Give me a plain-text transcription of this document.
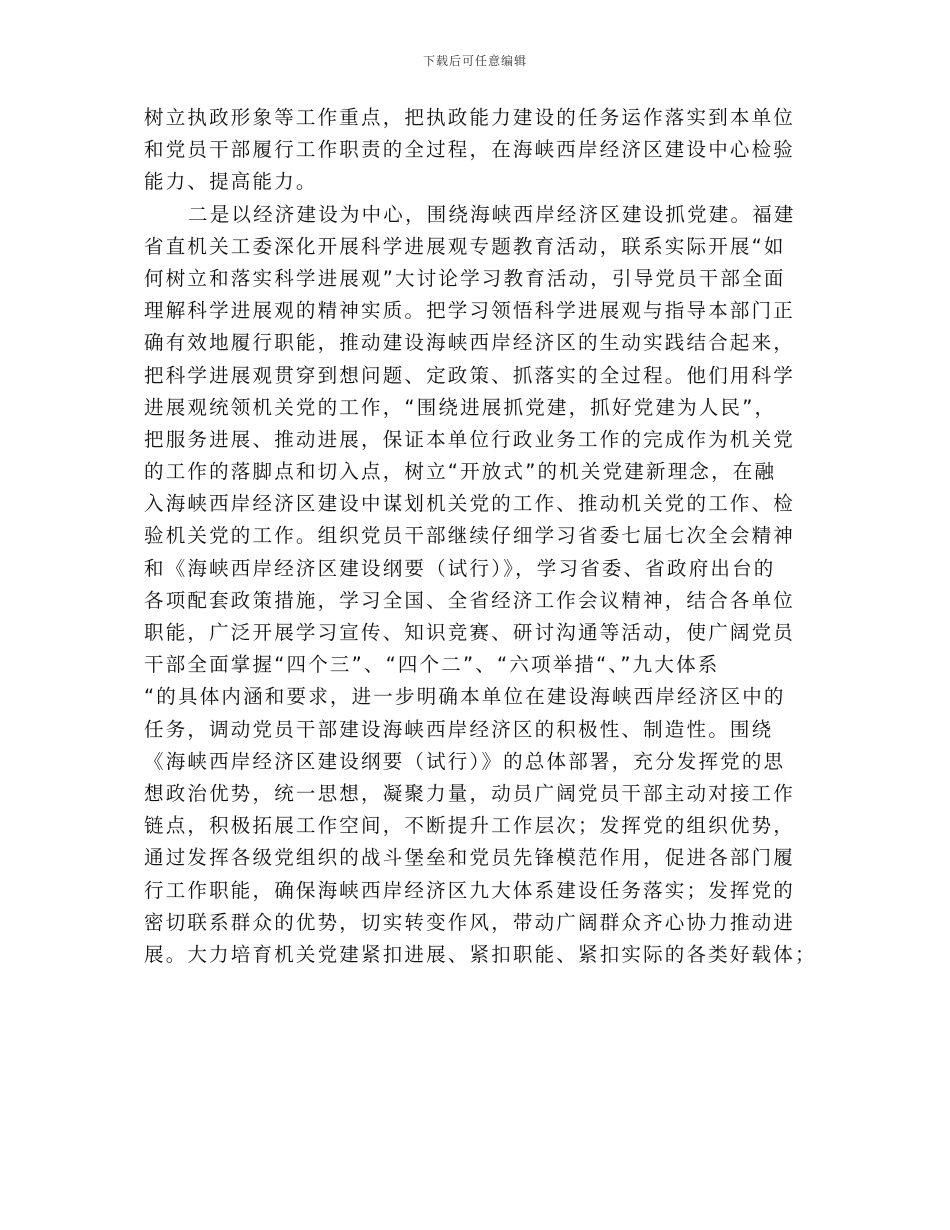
下载后可任意编辑
树立执政形象等工作重点，把执政能力建设的任务运作落实到本单位
和党员干部履行工作职责的全过程，在海峡西岸经济区建设中心检验
能力、提高能力。
二是以经济建设为中心，围绕海峡西岸经济区建设抓党建。福建
省直机关工委深化开展科学进展观专题教育活动，联系实际开展“如
何树立和落实科学进展观”大讨论学习教育活动，引导党员干部全面
理解科学进展观的精神实质。把学习领悟科学进展观与指导本部门正
确有效地履行职能，推动建设海峡西岸经济区的生动实践结合起来，
把科学进展观贯穿到想问题、定政策、抓落实的全过程。他们用科学
进展观统领机关党的工作，“围绕进展抓党建，抓好党建为人民”，
把服务进展、推动进展，保证本单位行政业务工作的完成作为机关党
的工作的落脚点和切入点，树立“开放式”的机关党建新理念，在融
入海峡西岸经济区建设中谋划机关党的工作、推动机关党的工作、检
验机关党的工作。组织党员干部继续仔细学习省委七届七次全会精神
和《海峡西岸经济区建设纲要（试行）》，学习省委、省政府出台的
各项配套政策措施，学习全国、全省经济工作会议精神，结合各单位
职能，广泛开展学习宣传、知识竞赛、研讨沟通等活动，使广阔党员
干部全面掌握“四个三”、“四个二”、“六项举措“、”九大体系
“的具体内涵和要求，进一步明确本单位在建设海峡西岸经济区中的
任务，调动党员干部建设海峡西岸经济区的积极性、制造性。围绕
《海峡西岸经济区建设纲要（试行）》的总体部署，充分发挥党的思
想政治优势，统一思想，凝聚力量，动员广阔党员干部主动对接工作
链点，积极拓展工作空间，不断提升工作层次；发挥党的组织优势，
通过发挥各级党组织的战斗堡垒和党员先锋模范作用，促进各部门履
行工作职能，确保海峡西岸经济区九大体系建设任务落实；发挥党的
密切联系群众的优势，切实转变作风，带动广阔群众齐心协力推动进
展。大力培育机关党建紧扣进展、紧扣职能、紧扣实际的各类好载体；
